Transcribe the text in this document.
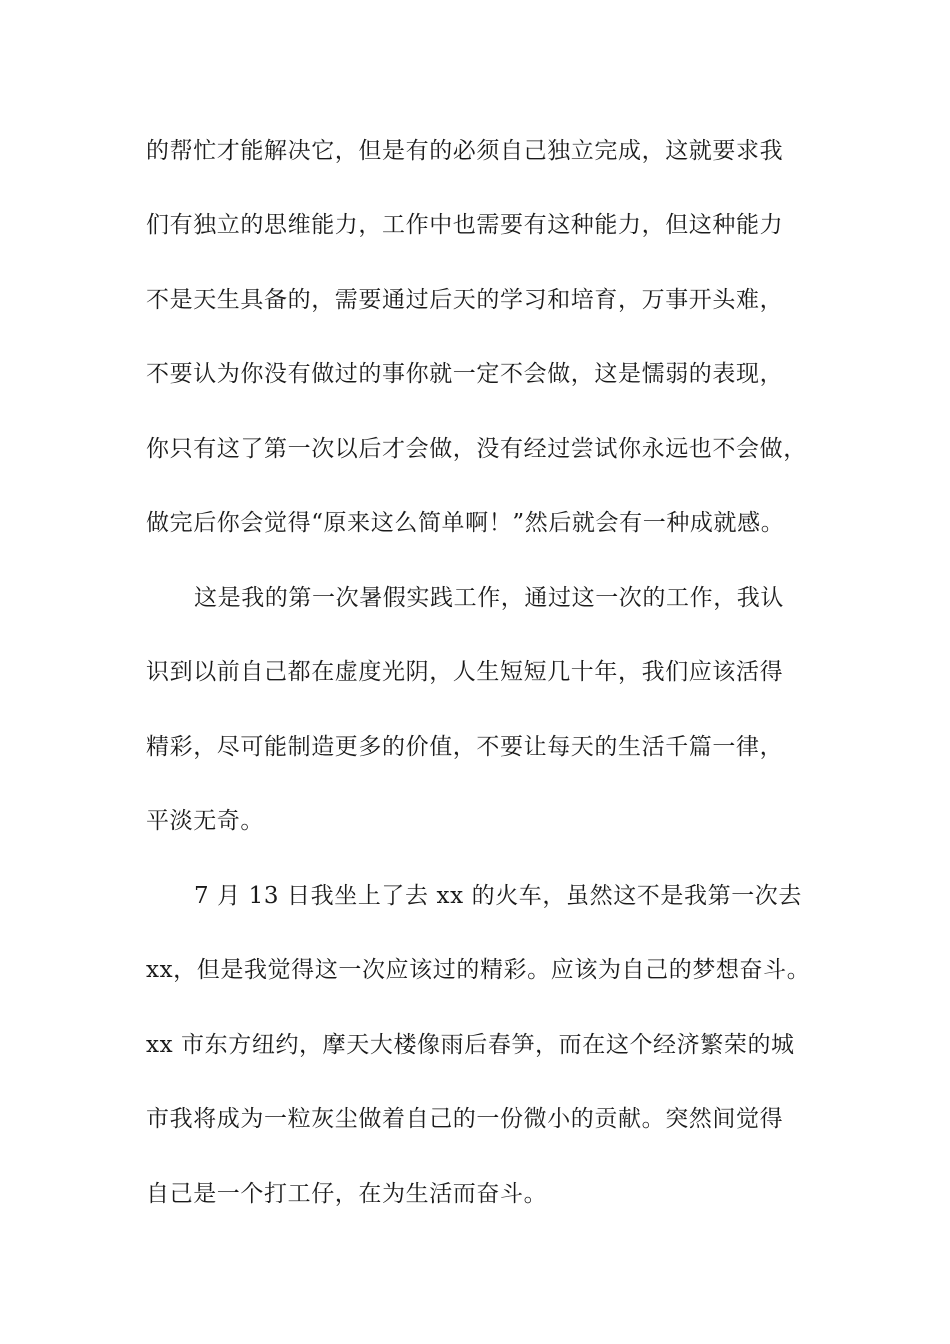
的帮忙才能解决它，但是有的必须自己独立完成，这就要求我
们有独立的思维能力，工作中也需要有这种能力，但这种能力
不是天生具备的，需要通过后天的学习和培育，万事开头难，
不要认为你没有做过的事你就一定不会做，这是懦弱的表现，
你只有这了第一次以后才会做，没有经过尝试你永远也不会做，
做完后你会觉得“原来这么简单啊！”然后就会有一种成就感。
这是我的第一次暑假实践工作，通过这一次的工作，我认
识到以前自己都在虚度光阴，人生短短几十年，我们应该活得
精彩，尽可能制造更多的价值，不要让每天的生活千篇一律，
平淡无奇。
7 月 13 日我坐上了去 xx 的火车，虽然这不是我第一次去
xx，但是我觉得这一次应该过的精彩。应该为自己的梦想奋斗。
xx 市东方纽约，摩天大楼像雨后春笋，而在这个经济繁荣的城
市我将成为一粒灰尘做着自己的一份微小的贡献。突然间觉得
自己是一个打工仔，在为生活而奋斗。
